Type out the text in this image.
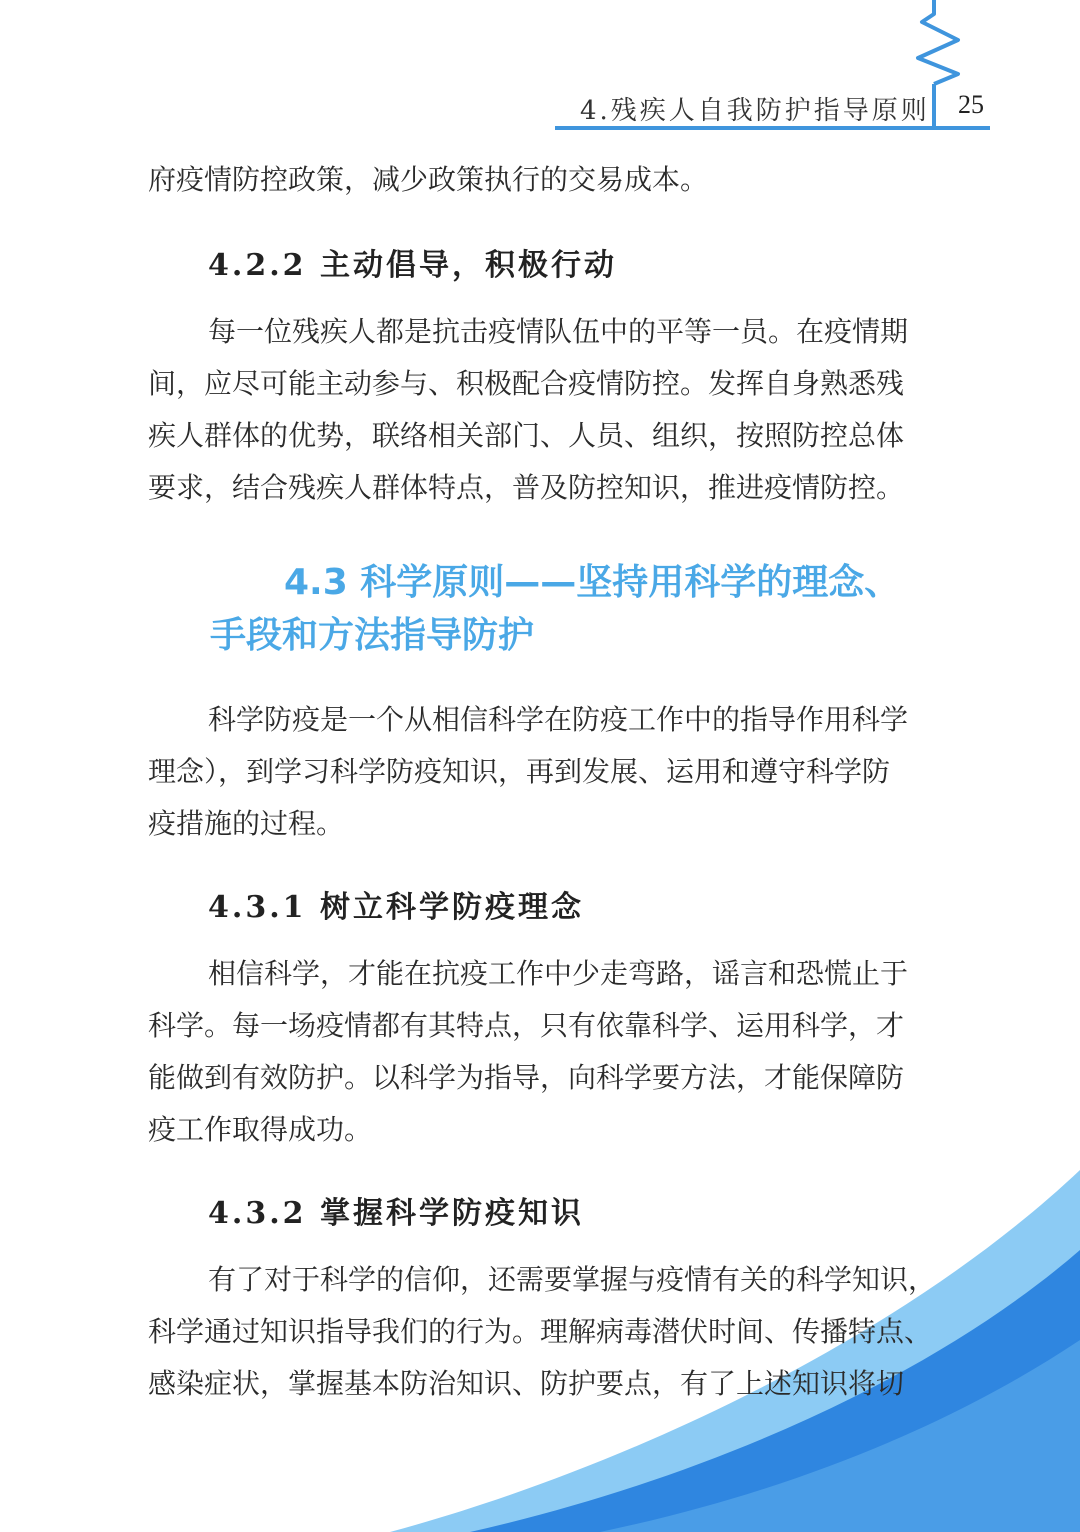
4.残疾人自我防护指导原则 25

府疫情防控政策，减少政策执行的交易成本。

4.2.2 主动倡导，积极行动
每一位残疾人都是抗击疫情队伍中的平等一员。在疫情期
间，应尽可能主动参与、积极配合疫情防控。发挥自身熟悉残
疾人群体的优势，联络相关部门、人员、组织，按照防控总体
要求，结合残疾人群体特点，普及防控知识，推进疫情防控。
4.3 科学原则——坚持用科学的理念、
手段和方法指导防护
科学防疫是一个从相信科学在防疫工作中的指导作用科学
理念），到学习科学防疫知识，再到发展、运用和遵守科学防
疫措施的过程。
4.3.1 树立科学防疫理念
相信科学，才能在抗疫工作中少走弯路，谣言和恐慌止于
科学。每一场疫情都有其特点，只有依靠科学、运用科学，才
能做到有效防护。以科学为指导，向科学要方法，才能保障防
疫工作取得成功。
4.3.2 掌握科学防疫知识
有了对于科学的信仰，还需要掌握与疫情有关的科学知识，
科学通过知识指导我们的行为。理解病毒潜伏时间、传播特点、
感染症状，掌握基本防治知识、防护要点，有了上述知识将切
